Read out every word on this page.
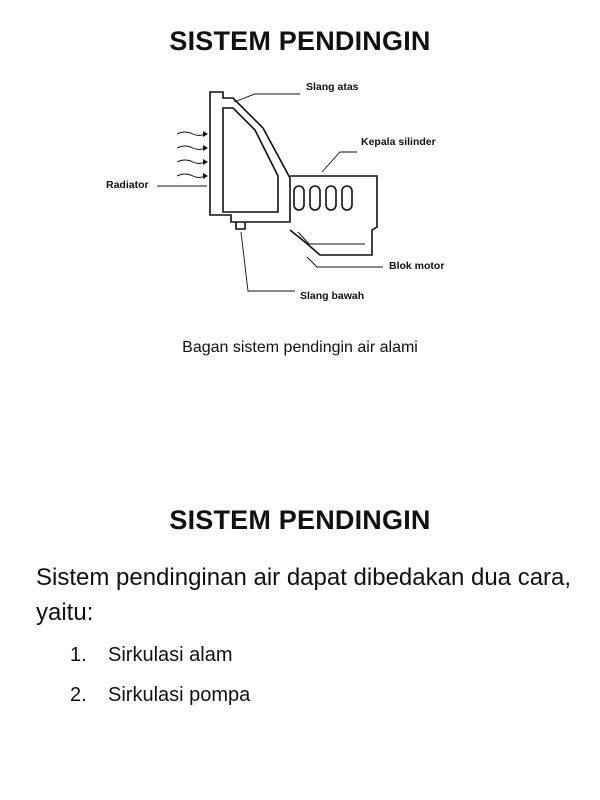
SISTEM PENDINGIN
Slang atas
Kepala silinder
Radiator
Blok motor
Slang bawah
Bagan sistem pendingin air alami
SISTEM PENDINGIN
Sistem pendinginan air dapat dibedakan dua cara, yaitu:
1.	Sirkulasi alam
2.	Sirkulasi pompa
